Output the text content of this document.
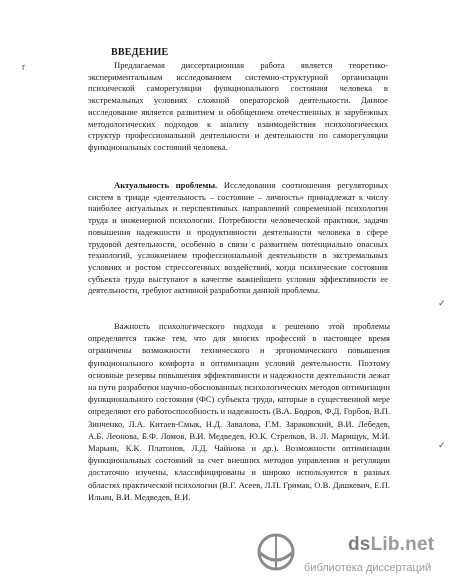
г
✓
✓
ВВЕДЕНИЕ
Предлагаемая диссертационная работа является теоретико-экспериментальным исследованием системно-структурной организации психической саморегуляции функционального состояния человека в экстремальных условиях сложной операторской деятельности. Данное исследование является развитием и обобщением отечественных и зарубежных методологических подходов к анализу взаимодействия психологических структур профессиональной деятельности и деятельности по саморегуляции функциональных состояний человека.
Актуальность проблемы. Исследования соотношения регуляторных систем в триаде «деятельность – состояние – личность» принадлежат к числу наиболее актуальных и перспективных направлений современной психологии труда и инженерной психологии. Потребности человеческой практики, задачи повышения надежности и продуктивности деятельности человека в сфере трудовой деятельности, особенно в связи с развитием потенциально опасных технологий, усложнением профессиональной деятельности в экстремальных условиях и ростом стрессогенных воздействий, когда психические состояния субъекта труда выступают в качестве важнейшего условия эффективности ее деятельности, требуют активной разработки данной проблемы.
Важность психологического подхода к решению этой проблемы определяется также тем, что для многих профессий в настоящее время ограничены возможности технического и эргономического повышения функционального комфорта и оптимизации условий деятельности. Поэтому основные резервы повышения эффективности и надежности деятельности лежат на пути разработки научно-обоснованных психологических методов оптимизации функционального состояния (ФС) субъекта труда, которые в существенной мере определяют его работоспособность и надежность (В.А. Бодров, Ф.Д. Горбов, В.П. Зинченко, Л.А. Китаев-Смык, Н.Д. Завалова, Г.М. Зараковский, В.И. Лебедев, А.Б. Леонова, Б.Ф. Ломов, В.И. Медведев, Ю.К. Стрелков, В. Л. Марищук, М.И. Марьин, К.К. Платонов, Л.Д. Чайнова и др.). Возможности оптимизации функциональных состояний за счет внешних методов управления и регуляции достаточно изучены, классифицированы и широко используются в разных областях практической психологии (В.Г. Асеев, Л.П. Гримак, О.В. Дашкевич, Е.П. Ильин, В.И. Медведев, В.И.
dsLib.net
библиотека диссертаций
